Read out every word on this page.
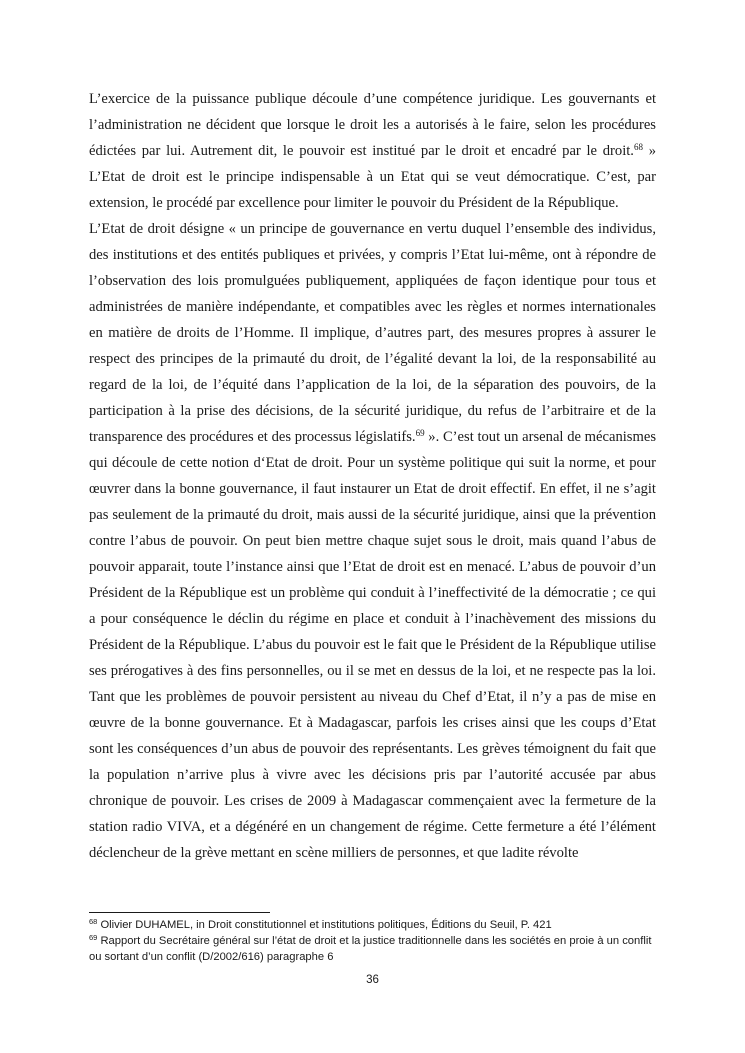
L’exercice de la puissance publique découle d’une compétence juridique. Les gouvernants et l’administration ne décident que lorsque le droit les a autorisés à le faire, selon les procédures édictées par lui. Autrement dit, le pouvoir est institué par le droit et encadré par le droit.$^{68}$ » L’Etat de droit est le principe indispensable à un Etat qui se veut démocratique. C’est, par extension, le procédé par excellence pour limiter le pouvoir du Président de la République.

L’Etat de droit désigne « un principe de gouvernance en vertu duquel l’ensemble des individus, des institutions et des entités publiques et privées, y compris l’Etat lui-même, ont à répondre de l’observation des lois promulguées publiquement, appliquées de façon identique pour tous et administrées de manière indépendante, et compatibles avec les règles et normes internationales en matière de droits de l’Homme. Il implique, d’autres part, des mesures propres à assurer le respect des principes de la primauté du droit, de l’égalité devant la loi, de la responsabilité au regard de la loi, de l’équité dans l’application de la loi, de la séparation des pouvoirs, de la participation à la prise des décisions, de la sécurité juridique, du refus de l’arbitraire et de la transparence des procédures et des processus législatifs.$^{69}$ ». C’est tout un arsenal de mécanismes qui découle de cette notion d‘Etat de droit. Pour un système politique qui suit la norme, et pour œuvrer dans la bonne gouvernance, il faut instaurer un Etat de droit effectif. En effet, il ne s’agit pas seulement de la primauté du droit, mais aussi de la sécurité juridique, ainsi que la prévention contre l’abus de pouvoir. On peut bien mettre chaque sujet sous le droit, mais quand l’abus de pouvoir apparait, toute l’instance ainsi que l’Etat de droit est en menacé. L’abus de pouvoir d’un Président de la République est un problème qui conduit à l’ineffectivité de la démocratie ; ce qui a pour conséquence le déclin du régime en place et conduit à l’inachèvement des missions du Président de la République. L’abus du pouvoir est le fait que le Président de la République utilise ses prérogatives à des fins personnelles, ou il se met en dessus de la loi, et ne respecte pas la loi. Tant que les problèmes de pouvoir persistent au niveau du Chef d’Etat, il n’y a pas de mise en œuvre de la bonne gouvernance. Et à Madagascar, parfois les crises ainsi que les coups d’Etat sont les conséquences d’un abus de pouvoir des représentants. Les grèves témoignent du fait que la population n’arrive plus à vivre avec les décisions pris par l’autorité accusée par abus chronique de pouvoir. Les crises de 2009 à Madagascar commençaient avec la fermeture de la station radio VIVA, et a dégénéré en un changement de régime. Cette fermeture a été l’élément déclencheur de la grève mettant en scène milliers de personnes, et que ladite révolte

$^{68}$ Olivier DUHAMEL, in Droit constitutionnel et institutions politiques, Éditions du Seuil, P. 421

$^{69}$ Rapport du Secrétaire général sur l’état de droit et la justice traditionnelle dans les sociétés en proie à un conflit ou sortant d’un conflit (D/2002/616) paragraphe 6

36
